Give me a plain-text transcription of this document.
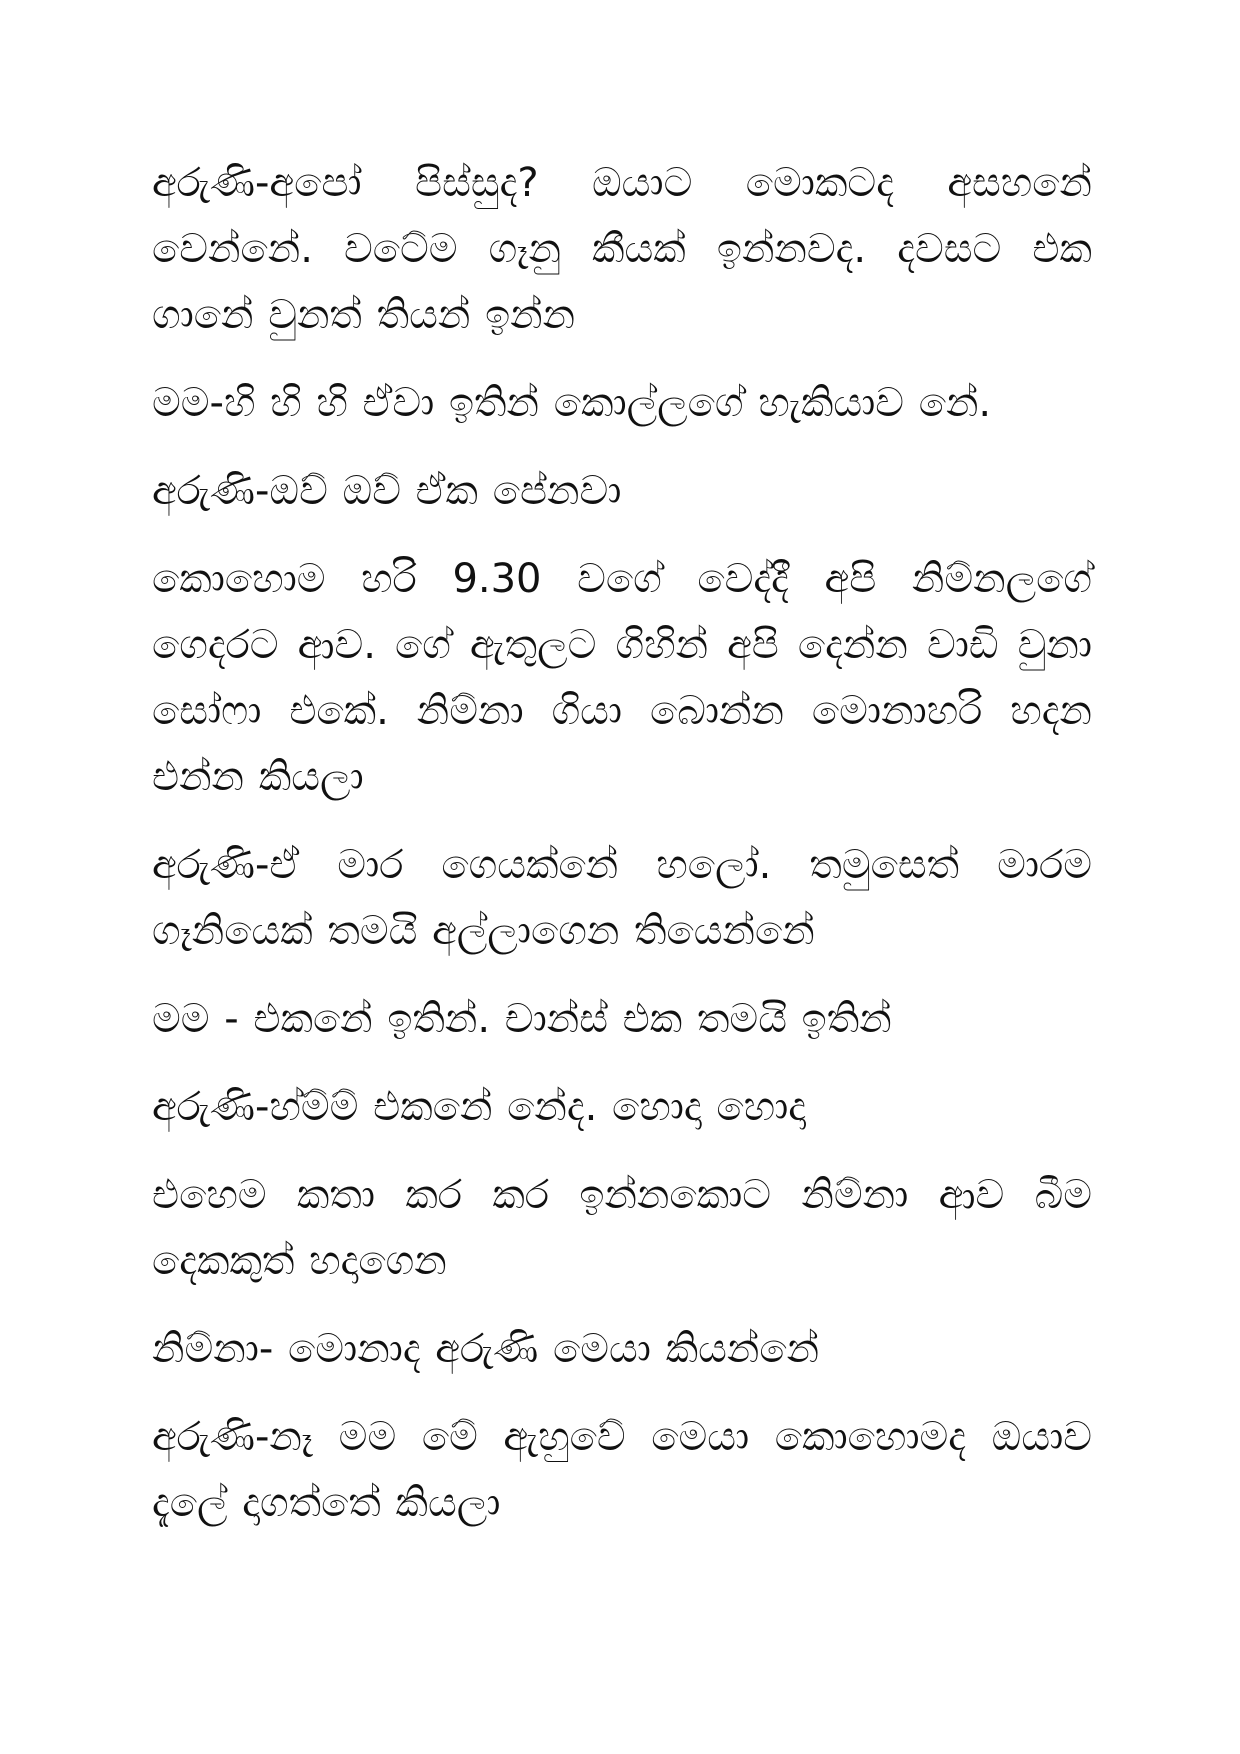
අරුණි-අපෝ පිස්සුද? ඔයාට මොකටද අසහනේ වෙන්නේ. වටේම ගෑනු කීයක් ඉන්නවද. දවසට එක ගානේ වුනත් තියන් ඉන්න

මම-හි හි හි ඒවා ඉතින් කොල්ලගේ හැකියාව නේ.

අරුණි-ඔව් ඔව් ඒක පේනවා

කොහොම හරි 9.30 වගේ වෙද්දී අපි නිම්නලගේ ගෙදරට ආව. ගේ ඇතුලට ගිහින් අපි දෙන්න වාඩි වුනා සෝෆා එකේ. නිම්නා ගියා බොන්න මොනාහරි හදන එන්න කියලා

අරුණි-ඒ මාර ගෙයක්නේ හලෝ. තමුසෙත් මාරම ගෑනියෙක් තමයි අල්ලාගෙන තියෙන්නේ

මම - එකනේ ඉතින්. චාන්ස් එක තමයි ඉතින්

අරුණි-හ්ම්ම් එකනේ නේද. හොදා හොදා

එහෙම කතා කර කර ඉන්නකොට නිම්නා ආව බීම දෙකකුත් හදාගෙන

නිම්නා- මොනාද අරුණි මෙයා කියන්නේ

අරුණි-නෑ මම මේ ඇහුවේ මෙයා කොහොමද ඔයාව දැලේ දාගත්තේ කියලා
